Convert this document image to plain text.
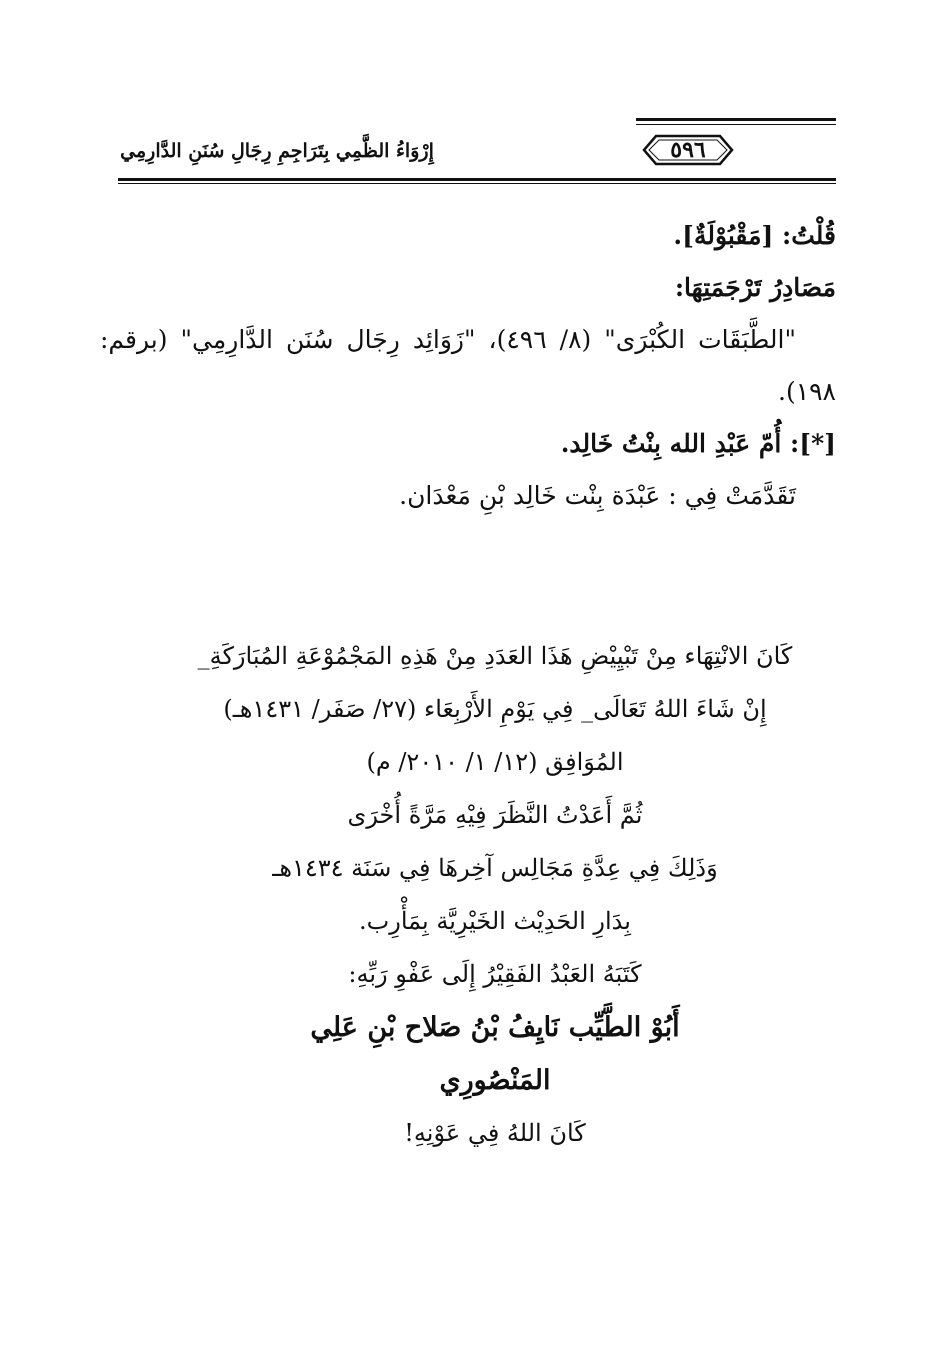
٥٩٦
إِرْوَاءُ الظَّمِي بِتَرَاجِمِ رِجَالِ سُنَنِ الدَّارِمِي
قُلْتُ: [مَقْبُوْلَةٌ].
مَصَادِرُ تَرْجَمَتِهَا:
"الطَّبَقَات الكُبْرَى" (٨/ ٤٩٦)، "زَوَائِد رِجَال سُنَن الدَّارِمِي" (برقم:
١٩٨).
[*]: أُمّ عَبْدِ الله بِنْتُ خَالِد.
تَقَدَّمَتْ فِي : عَبْدَة بِنْت خَالِد بْنِ مَعْدَان.
كَانَ الانْتِهَاء مِنْ تَبْيِيْضِ هَذَا العَدَدِ مِنْ هَذِهِ المَجْمُوْعَةِ المُبَارَكَةِ_
إِنْ شَاءَ اللهُ تَعَالَى_ فِي يَوْمِ الأَرْبِعَاء (٢٧/ صَفَر/ ١٤٣١هـ)
المُوَافِق (١٢/ ١/ ٢٠١٠/ م)
ثُمَّ أَعَدْتُ النَّظَرَ فِيْهِ مَرَّةً أُخْرَى
وَذَلِكَ فِي عِدَّةِ مَجَالِس آخِرهَا فِي سَنَة ١٤٣٤هـ
بِدَارِ الحَدِيْث الخَيْرِيَّة بِمَأْرِب.
كَتَبَهُ العَبْدُ الفَقِيْرُ إِلَى عَفْوِ رَبِّهِ:
أَبُوْ الطَّيِّب نَايِفُ بْنُ صَلاح بْنِ عَلِي
المَنْصُورِي
كَانَ اللهُ فِي عَوْنِهِ!
